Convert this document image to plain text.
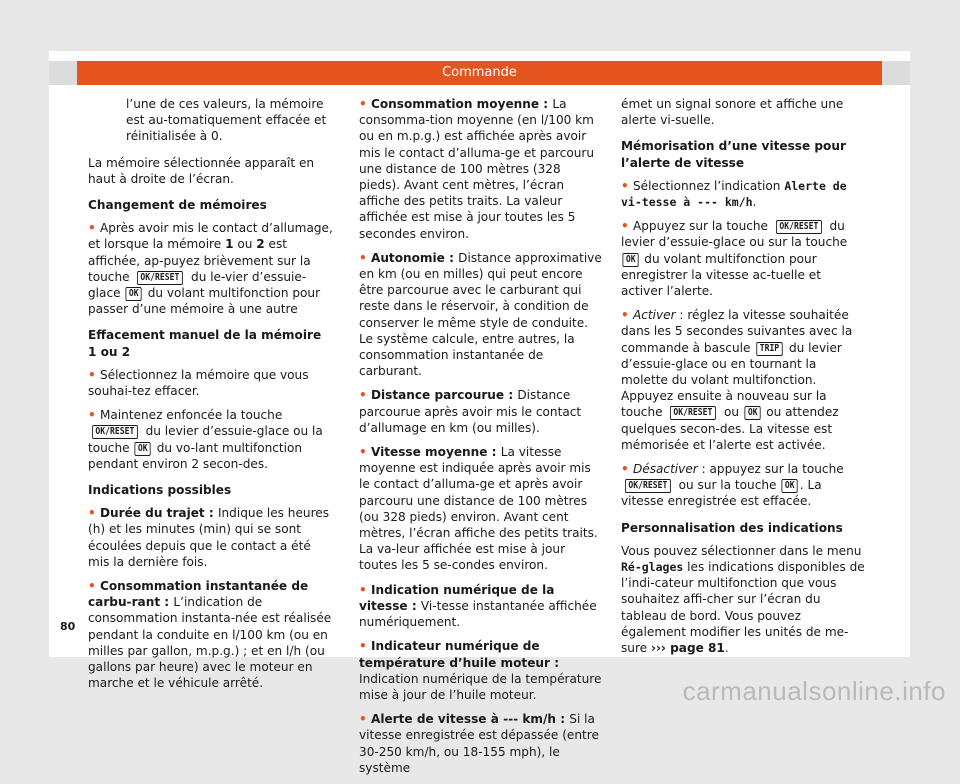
Commande

l’une de ces valeurs, la mémoire est au-tomatiquement effacée et réinitialisée à 0.

La mémoire sélectionnée apparaît en haut à droite de l’écran.

Changement de mémoires

• Après avoir mis le contact d’allumage, et lorsque la mémoire 1 ou 2 est affichée, ap-puyez brièvement sur la touche OK/RESET du le-vier d’essuie-glace OK du volant multifonction pour passer d’une mémoire à une autre

Effacement manuel de la mémoire 1 ou 2

• Sélectionnez la mémoire que vous souhai-tez effacer.

• Maintenez enfoncée la touche OK/RESET du levier d’essuie-glace ou la touche OK du vo-lant multifonction pendant environ 2 secon-des.

Indications possibles

• Durée du trajet : Indique les heures (h) et les minutes (min) qui se sont écoulées depuis que le contact a été mis la dernière fois.

• Consommation instantanée de carbu-rant : L’indication de consommation instanta-née est réalisée pendant la conduite en l/100 km (ou en milles par gallon, m.p.g.) ; et en l/h (ou gallons par heure) avec le moteur en marche et le véhicule arrêté.

• Consommation moyenne : La consomma-tion moyenne (en l/100 km ou en m.p.g.) est affichée après avoir mis le contact d’alluma-ge et parcouru une distance de 100 mètres (328 pieds). Avant cent mètres, l’écran affiche des petits traits. La valeur affichée est mise à jour toutes les 5 secondes environ.

• Autonomie : Distance approximative en km (ou en milles) qui peut encore être parcourue avec le carburant qui reste dans le réservoir, à condition de conserver le même style de conduite. Le système calcule, entre autres, la consommation instantanée de carburant.

• Distance parcourue : Distance parcourue après avoir mis le contact d’allumage en km (ou milles).

• Vitesse moyenne : La vitesse moyenne est indiquée après avoir mis le contact d’alluma-ge et après avoir parcouru une distance de 100 mètres (ou 328 pieds) environ. Avant cent mètres, l’écran affiche des petits traits. La va-leur affichée est mise à jour toutes les 5 se-condes environ.

• Indication numérique de la vitesse : Vi-tesse instantanée affichée numériquement.

• Indicateur numérique de température d’huile moteur : Indication numérique de la température mise à jour de l’huile moteur.

• Alerte de vitesse à --- km/h : Si la vitesse enregistrée est dépassée (entre 30-250 km/h, ou 18-155 mph), le système

émet un signal sonore et affiche une alerte vi-suelle.

Mémorisation d’une vitesse pour l’alerte de vitesse

• Sélectionnez l’indication Alerte de vi-tesse à --- km/h.

• Appuyez sur la touche OK/RESET du levier d’essuie-glace ou sur la touche OK du volant multifonction pour enregistrer la vitesse ac-tuelle et activer l’alerte.

• Activer : réglez la vitesse souhaitée dans les 5 secondes suivantes avec la commande à bascule TRIP du levier d’essuie-glace ou en tournant la molette du volant multifonction. Appuyez ensuite à nouveau sur la touche OK/RESET ou OK ou attendez quelques secon-des. La vitesse est mémorisée et l’alerte est activée.

• Désactiver : appuyez sur la touche OK/RESET ou sur la touche OK . La vitesse enregistrée est effacée.

Personnalisation des indications

Vous pouvez sélectionner dans le menu Ré-glages les indications disponibles de l’indi-cateur multifonction que vous souhaitez affi-cher sur l’écran du tableau de bord. Vous pouvez également modifier les unités de me-sure ››› page 81.

80
carmanualsonline.info
